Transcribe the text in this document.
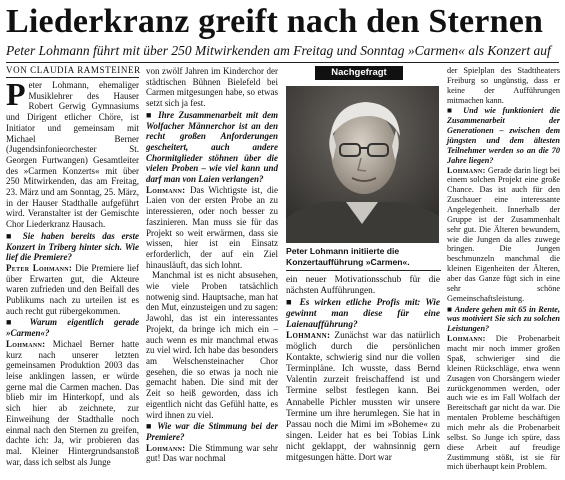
Liederkranz greift nach den Sternen

Peter Lohmann führt mit über 250 Mitwirkenden am Freitag und Sonntag »Carmen« als Konzert auf

VON CLAUDIA RAMSTEINER
P eter Lohmann, ehemaliger Musiklehrer des Hauser Robert Gerwig Gymnasiums und Dirigent etlicher Chöre, ist Initiator und gemeinsam mit Michael Berner (Jugendsinfonieorchester St. Georgen Furtwangen) Gesamtleiter des »Carmen Konzerts« mit über 250 Mitwirkenden, das am Freitag, 23. März und am Sonntag, 25. März, in der Hauser Stadthalle aufgeführt wird. Veranstalter ist der Gemischte Chor Liederkranz Hausach.

■ Sie haben bereits das erste Konzert in Triberg hinter sich. Wie lief die Premiere?

Peter Lohmann: Die Premiere lief über Erwarten gut, die Akteure waren zufrieden und den Beifall des Publikums nach zu urteilen ist es auch recht gut rübergekommen.

■ Warum eigentlich gerade »Carmen«?

Lohmann: Michael Berner hatte kurz nach unserer letzten gemeinsamen Produktion 2003 das leise anklingen lassen, er würde gerne mal die Carmen machen. Das blieb mir im Hinterkopf, und als sich hier ab zeichnete, zur Einweihung der Stadthalle noch einmal nach den Sternen zu greifen, dachte ich: Ja, wir probieren das mal. Kleiner Hintergrundsanstoß war, dass ich selbst als Junge

von zwölf Jahren im Kinderchor der städtischen Bühnen Bielefeld bei Carmen mitgesungen habe, so etwas setzt sich ja fest.

■ Ihre Zusammenarbeit mit dem Wolfacher Männerchor ist an den recht großen Anforderungen gescheitert, auch andere Chormitglieder stöhnen über die vielen Proben – wie viel kann und darf man von Laien verlangen?

Lohmann: Das Wichtigste ist, die Laien von der ersten Probe an zu interessieren, oder noch besser zu faszinieren. Man muss sie für das Projekt so weit erwärmen, dass sie wissen, hier ist ein Einsatz erforderlich, der auf ein Ziel hinausläuft, das sich lohnt.

Manchmal ist es nicht absusehen, wie viele Proben tatsächlich notwenig sind. Hauptsache, man hat den Mut, einzusteigen und zu sagen: Jawohl, das ist ein interessantes Projekt, da bringe ich mich ein – auch wenn es mir manchmal etwas zu viel wird. Ich habe das besonders am Welschensteinacher Chor gesehen, die so etwas ja noch nie gemacht haben. Die sind mit der Zeit so heiß geworden, dass ich eigentlich nicht das Gefühl hatte, es wird ihnen zu viel.

■ Wie war die Stimmung bei der Premiere?

Lohmann: Die Stimmung war sehr gut! Das war nochmal

Nachgefragt
Peter Lohmann initiierte die Konzertaufführung »Carmen«.

ein neuer Motivationsschub für die nächsten Aufführungen.

■ Es wirken etliche Profis mit: Wie gewinnt man diese für eine Laienaufführung?

Lohmann: Zunächst war das natürlich möglich durch die persönlichen Kontakte, schwierig sind nur die vollen Terminpläne. Ich wusste, dass Bernd Valentin zurzeit freischaffend ist und Termine selbst festlegen kann. Bei Annabelle Pichler mussten wir unsere Termine um ihre herumlegen. Sie hat in Passau noch die Mimi im »Boheme« zu singen. Leider hat es bei Tobias Link nicht geklappt, der wahnsinnig gern mitgesungen hätte. Dort war

der Spielplan des Stadttheaters Freiburg so ungünstig, dass er keine der Aufführungen mitmachen kann.

■ Und wie funktioniert die Zusammenarbeit der Generationen – zwischen dem jüngsten und dem ältesten Teilnehmer werden so an die 70 Jahre liegen?

Lohmann: Gerade darin liegt bei einem solchen Projekt eine große Chance. Das ist auch für den Zuschauer eine interessante Angelegenheit. Innerhalb der Gruppe ist der Zusammenhalt sehr gut. Die Älteren bewundern, wie die Jungen da alles zuwege bringen. Die Jungen beschmunzeln manchmal die kleinen Eigenheiten der Älteren, aber das Ganze fügt sich in eine sehr schöne Gemeinschaftsleistung.

■ Andere gehen mit 65 in Rente, was motiviert Sie sich zu solchen Leistungen?

Lohmann: Die Probenarbeit macht mir noch immer großen Spaß, schwieriger sind die kleinen Rückschläge, etwa wenn Zusagen von Chorsängern wieder zurückgenommen werden, oder auch wie es im Fall Wolfach der Bereitschaft gar nicht da war. Die mentalen Probleme beschäftigen mich mehr als die Probenarbeit selbst. So Junge ich spüre, dass diese Arbeit auf freudige Zustimmung stößt, ist sie für mich überhaupt kein Problem.
